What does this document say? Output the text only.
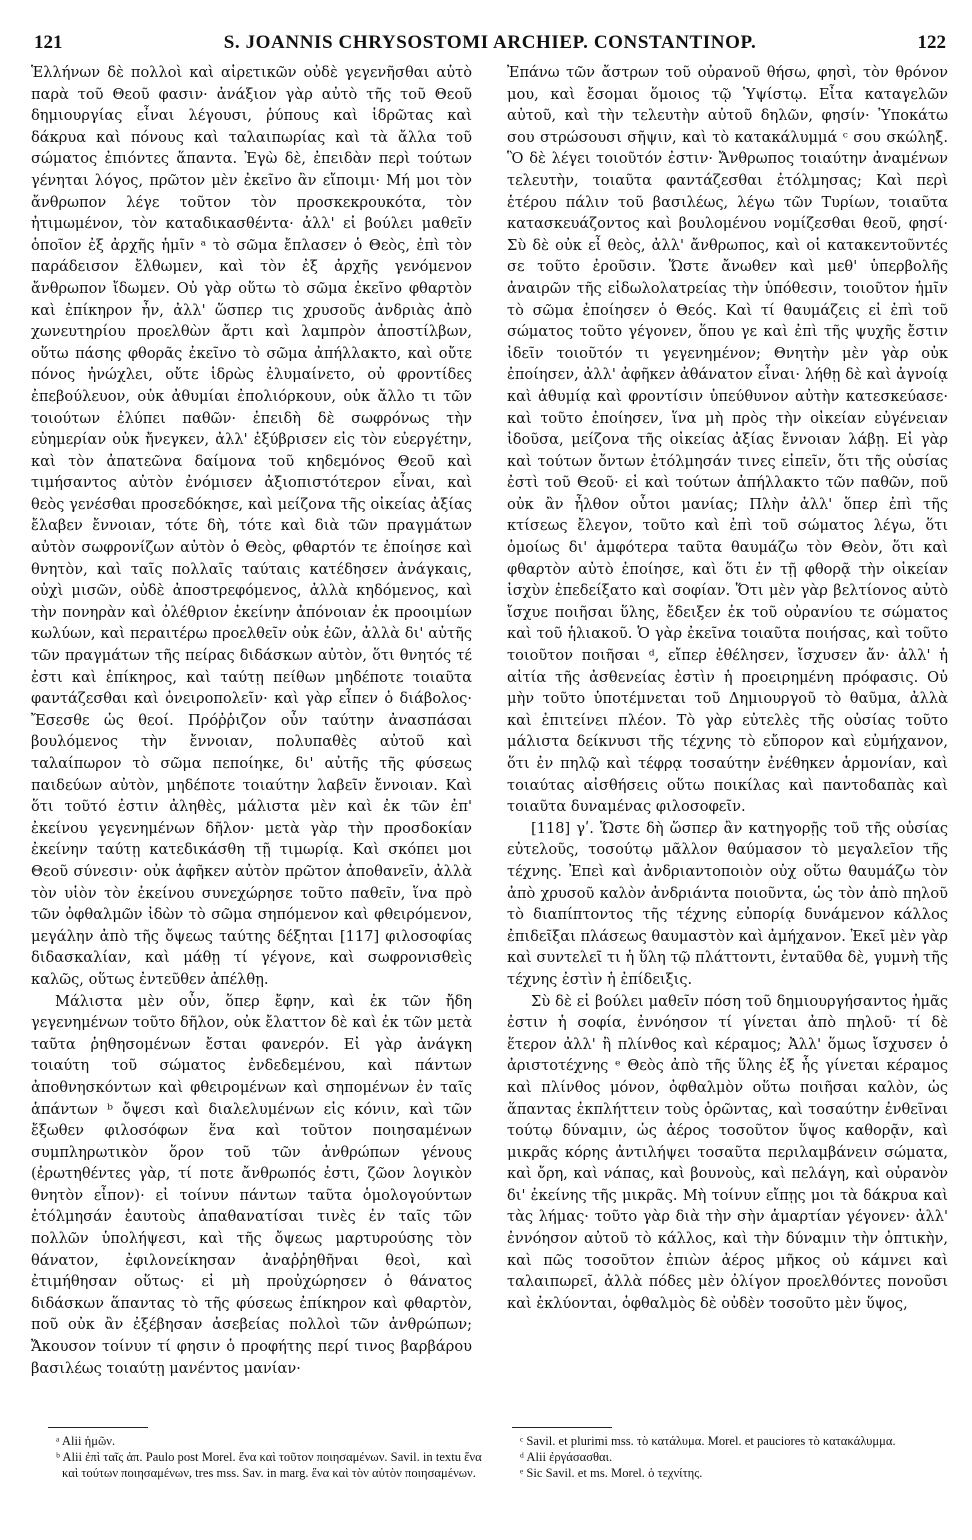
121	S. JOANNIS CHRYSOSTOMI ARCHIEP. CONSTANTINOP.	122

Ἑλλήνων δὲ πολλοὶ καὶ αἱρετικῶν οὐδὲ γεγενῆσθαι αὐτὸ παρὰ τοῦ Θεοῦ φασιν· ἀνάξιον γὰρ αὐτὸ τῆς τοῦ Θεοῦ δημιουργίας εἶναι λέγουσι, ῥύπους καὶ ἱδρῶτας καὶ δάκρυα καὶ πόνους καὶ ταλαιπωρίας καὶ τὰ ἄλλα τοῦ σώματος ἐπιόντες ἅπαντα. Ἐγὼ δὲ, ἐπειδὰν περὶ τούτων γένηται λόγος, πρῶτον μὲν ἐκεῖνο ἂν εἴποιμι· Μή μοι τὸν ἄνθρωπον λέγε τοῦτον τὸν προσκεκρουκότα, τὸν ἠτιμωμένον, τὸν καταδικασθέντα· ἀλλ' εἰ βούλει μαθεῖν ὁποῖον ἐξ ἀρχῆς ἡμῖν ᵃ τὸ σῶμα ἔπλασεν ὁ Θεὸς, ἐπὶ τὸν παράδεισον ἔλθωμεν, καὶ τὸν ἐξ ἀρχῆς γενόμενον ἄνθρωπον ἴδωμεν. Οὐ γὰρ οὕτω τὸ σῶμα ἐκεῖνο φθαρτὸν καὶ ἐπίκηρον ἦν, ἀλλ' ὥσπερ τις χρυσοῦς ἀνδριὰς ἀπὸ χωνευτηρίου προελθὼν ἄρτι καὶ λαμπρὸν ἀποστίλβων, οὕτω πάσης φθορᾶς ἐκεῖνο τὸ σῶμα ἀπήλλακτο, καὶ οὔτε πόνος ἠνώχλει, οὔτε ἱδρὼς ἐλυμαίνετο, οὐ φροντίδες ἐπεβούλευον, οὐκ ἀθυμίαι ἐπολιόρκουν, οὐκ ἄλλο τι τῶν τοιούτων ἐλύπει παθῶν· ἐπειδὴ δὲ σωφρόνως τὴν εὐημερίαν οὐκ ἤνεγκεν, ἀλλ' ἐξύβρισεν εἰς τὸν εὐεργέτην, καὶ τὸν ἀπατεῶνα δαίμονα τοῦ κηδεμόνος Θεοῦ καὶ τιμήσαντος αὐτὸν ἐνόμισεν ἀξιοπιστότερον εἶναι, καὶ θεὸς γενέσθαι προσεδόκησε, καὶ μείζονα τῆς οἰκείας ἀξίας ἔλαβεν ἔννοιαν, τότε δὴ, τότε καὶ διὰ τῶν πραγμάτων αὐτὸν σωφρονίζων αὐτὸν ὁ Θεὸς, φθαρτόν τε ἐποίησε καὶ θνητὸν, καὶ ταῖς πολλαῖς ταύταις κατέδησεν ἀνάγκαις, οὐχὶ μισῶν, οὐδὲ ἀποστρεφόμενος, ἀλλὰ κηδόμενος, καὶ τὴν πονηρὰν καὶ ὀλέθριον ἐκείνην ἀπόνοιαν ἐκ προοιμίων κωλύων, καὶ περαιτέρω προελθεῖν οὐκ ἐῶν, ἀλλὰ δι' αὐτῆς τῶν πραγμάτων τῆς πείρας διδάσκων αὐτὸν, ὅτι θνητός τέ ἐστι καὶ ἐπίκηρος, καὶ ταύτῃ πείθων μηδέποτε τοιαῦτα φαντάζεσθαι καὶ ὀνειροπολεῖν· καὶ γὰρ εἶπεν ὁ διάβολος· Ἔσεσθε ὡς θεοί. Πρόῤῥιζον οὖν ταύτην ἀνασπάσαι βουλόμενος τὴν ἔννοιαν, πολυπαθὲς αὐτοῦ καὶ ταλαίπωρον τὸ σῶμα πεποίηκε, δι' αὐτῆς τῆς φύσεως παιδεύων αὐτὸν, μηδέποτε τοιαύτην λαβεῖν ἔννοιαν. Καὶ ὅτι τοῦτό ἐστιν ἀληθὲς, μάλιστα μὲν καὶ ἐκ τῶν ἐπ' ἐκείνου γεγενημένων δῆλον· μετὰ γὰρ τὴν προσδοκίαν ἐκείνην ταύτῃ κατεδικάσθη τῇ τιμωρίᾳ. Καὶ σκόπει μοι Θεοῦ σύνεσιν· οὐκ ἀφῆκεν αὐτὸν πρῶτον ἀποθανεῖν, ἀλλὰ τὸν υἱὸν τὸν ἐκείνου συνεχώρησε τοῦτο παθεῖν, ἵνα πρὸ τῶν ὀφθαλμῶν ἰδὼν τὸ σῶμα σηπόμενον καὶ φθειρόμενον, μεγάλην ἀπὸ τῆς ὄψεως ταύτης δέξηται [117] φιλοσοφίας διδασκαλίαν, καὶ μάθῃ τί γέγονε, καὶ σωφρονισθεὶς καλῶς, οὕτως ἐντεῦθεν ἀπέλθῃ.

Μάλιστα μὲν οὖν, ὅπερ ἔφην, καὶ ἐκ τῶν ἤδη γεγενημένων τοῦτο δῆλον, οὐκ ἔλαττον δὲ καὶ ἐκ τῶν μετὰ ταῦτα ῥηθησομένων ἔσται φανερόν. Εἰ γὰρ ἀνάγκη τοιαύτη τοῦ σώματος ἐνδεδεμένου, καὶ πάντων ἀποθνησκόντων καὶ φθειρομένων καὶ σηπομένων ἐν ταῖς ἁπάντων ᵇ ὄψεσι καὶ διαλελυμένων εἰς κόνιν, καὶ τῶν ἔξωθεν φιλοσόφων ἕνα καὶ τοῦτον ποιησαμένων συμπληρωτικὸν ὅρον τοῦ τῶν ἀνθρώπων γένους (ἐρωτηθέντες γὰρ, τί ποτε ἄνθρωπός ἐστι, ζῶον λογικὸν θνητὸν εἶπον)· εἰ τοίνυν πάντων ταῦτα ὁμολογούντων ἐτόλμησάν ἑαυτοὺς ἀπαθανατίσαι τινὲς ἐν ταῖς τῶν πολλῶν ὑπολήψεσι, καὶ τῆς ὄψεως μαρτυρούσης τὸν θάνατον, ἐφιλονείκησαν ἀναῤῥηθῆναι θεοὶ, καὶ ἐτιμήθησαν οὕτως· εἰ μὴ προὐχώρησεν ὁ θάνατος διδάσκων ἅπαντας τὸ τῆς φύσεως ἐπίκηρον καὶ φθαρτὸν, ποῦ οὐκ ἂν ἐξέβησαν ἀσεβείας πολλοὶ τῶν ἀνθρώπων; Ἄκουσον τοίνυν τί φησιν ὁ προφήτης περί τινος βαρβάρου βασιλέως τοιαύτῃ μανέντος μανίαν·

Ἐπάνω τῶν ἄστρων τοῦ οὐρανοῦ θήσω, φησὶ, τὸν θρόνον μου, καὶ ἔσομαι ὅμοιος τῷ Ὑψίστῳ. Εἶτα καταγελῶν αὐτοῦ, καὶ τὴν τελευτὴν αὐτοῦ δηλῶν, φησίν· Ὑποκάτω σου στρώσουσι σῆψιν, καὶ τὸ κατακάλυμμά ᶜ σου σκώληξ. Ὃ δὲ λέγει τοιοῦτόν ἐστιν· Ἄνθρωπος τοιαύτην ἀναμένων τελευτὴν, τοιαῦτα φαντάζεσθαι ἐτόλμησας; Καὶ περὶ ἑτέρου πάλιν τοῦ βασιλέως, λέγω τῶν Τυρίων, τοιαῦτα κατασκευάζοντος καὶ βουλομένου νομίζεσθαι θεοῦ, φησί· Σὺ δὲ οὐκ εἶ θεὸς, ἀλλ' ἄνθρωπος, καὶ οἱ κατακεντοῦντές σε τοῦτο ἐροῦσιν. Ὥστε ἄνωθεν καὶ μεθ' ὑπερβολῆς ἀναιρῶν τῆς εἰδωλολατρείας τὴν ὑπόθεσιν, τοιοῦτον ἡμῖν τὸ σῶμα ἐποίησεν ὁ Θεός. Καὶ τί θαυμάζεις εἰ ἐπὶ τοῦ σώματος τοῦτο γέγονεν, ὅπου γε καὶ ἐπὶ τῆς ψυχῆς ἔστιν ἰδεῖν τοιοῦτόν τι γεγενημένον; Θνητὴν μὲν γὰρ οὐκ ἐποίησεν, ἀλλ' ἀφῆκεν ἀθάνατον εἶναι· λήθῃ δὲ καὶ ἀγνοίᾳ καὶ ἀθυμίᾳ καὶ φροντίσιν ὑπεύθυνον αὐτὴν κατεσκεύασε· καὶ τοῦτο ἐποίησεν, ἵνα μὴ πρὸς τὴν οἰκείαν εὐγένειαν ἰδοῦσα, μείζονα τῆς οἰκείας ἀξίας ἔννοιαν λάβῃ. Εἰ γὰρ καὶ τούτων ὄντων ἐτόλμησάν τινες εἰπεῖν, ὅτι τῆς οὐσίας ἐστὶ τοῦ Θεοῦ· εἰ καὶ τούτων ἀπήλλακτο τῶν παθῶν, ποῦ οὐκ ἂν ἦλθον οὗτοι μανίας; Πλὴν ἀλλ' ὅπερ ἐπὶ τῆς κτίσεως ἔλεγον, τοῦτο καὶ ἐπὶ τοῦ σώματος λέγω, ὅτι ὁμοίως δι' ἀμφότερα ταῦτα θαυμάζω τὸν Θεὸν, ὅτι καὶ φθαρτὸν αὐτὸ ἐποίησε, καὶ ὅτι ἐν τῇ φθορᾷ τὴν οἰκείαν ἰσχὺν ἐπεδείξατο καὶ σοφίαν. Ὅτι μὲν γὰρ βελτίονος αὐτὸ ἴσχυε ποιῆσαι ὕλης, ἔδειξεν ἐκ τοῦ οὐρανίου τε σώματος καὶ τοῦ ἡλιακοῦ. Ὁ γὰρ ἐκεῖνα τοιαῦτα ποιήσας, καὶ τοῦτο τοιοῦτον ποιῆσαι ᵈ, εἴπερ ἐθέλησεν, ἴσχυσεν ἄν· ἀλλ' ἡ αἰτία τῆς ἀσθενείας ἐστὶν ἡ προειρημένη πρόφασις. Οὐ μὴν τοῦτο ὑποτέμνεται τοῦ Δημιουργοῦ τὸ θαῦμα, ἀλλὰ καὶ ἐπιτείνει πλέον. Τὸ γὰρ εὐτελὲς τῆς οὐσίας τοῦτο μάλιστα δείκνυσι τῆς τέχνης τὸ εὔπορον καὶ εὐμήχανον, ὅτι ἐν πηλῷ καὶ τέφρᾳ τοσαύτην ἐνέθηκεν ἁρμονίαν, καὶ τοιαύτας αἰσθήσεις οὕτω ποικίλας καὶ παντοδαπὰς καὶ τοιαῦτα δυναμένας φιλοσοφεῖν.

[118] γʹ. Ὥστε δὴ ὥσπερ ἂν κατηγορῇς τοῦ τῆς οὐσίας εὐτελοῦς, τοσούτῳ μᾶλλον θαύμασον τὸ μεγαλεῖον τῆς τέχνης. Ἐπεὶ καὶ ἀνδριαντοποιὸν οὐχ οὕτω θαυμάζω τὸν ἀπὸ χρυσοῦ καλὸν ἀνδριάντα ποιοῦντα, ὡς τὸν ἀπὸ πηλοῦ τὸ διαπίπτοντος τῆς τέχνης εὐπορίᾳ δυνάμενον κάλλος ἐπιδεῖξαι πλάσεως θαυμαστὸν καὶ ἀμήχανον. Ἐκεῖ μὲν γὰρ καὶ συντελεῖ τι ἡ ὕλη τῷ πλάττοντι, ἐνταῦθα δὲ, γυμνὴ τῆς τέχνης ἐστὶν ἡ ἐπίδειξις.

Σὺ δὲ εἰ βούλει μαθεῖν πόση τοῦ δημιουργήσαντος ἡμᾶς ἐστιν ἡ σοφία, ἐννόησον τί γίνεται ἀπὸ πηλοῦ· τί δὲ ἕτερον ἀλλ' ἢ πλίνθος καὶ κέραμος; Ἀλλ' ὅμως ἴσχυσεν ὁ ἀριστοτέχνης ᵉ Θεὸς ἀπὸ τῆς ὕλης ἐξ ἧς γίνεται κέραμος καὶ πλίνθος μόνον, ὀφθαλμὸν οὕτω ποιῆσαι καλὸν, ὡς ἅπαντας ἐκπλήττειν τοὺς ὁρῶντας, καὶ τοσαύτην ἐνθεῖναι τούτῳ δύναμιν, ὡς ἀέρος τοσοῦτον ὕψος καθορᾷν, καὶ μικρᾶς κόρης ἀντιλήψει τοσαῦτα περιλαμβάνειν σώματα, καὶ ὄρη, καὶ νάπας, καὶ βουνοὺς, καὶ πελάγη, καὶ οὐρανὸν δι' ἐκείνης τῆς μικρᾶς. Μὴ τοίνυν εἴπῃς μοι τὰ δάκρυα καὶ τὰς λήμας· τοῦτο γὰρ διὰ τὴν σὴν ἁμαρτίαν γέγονεν· ἀλλ' ἐννόησον αὐτοῦ τὸ κάλλος, καὶ τὴν δύναμιν τὴν ὀπτικὴν, καὶ πῶς τοσοῦτον ἐπιὼν ἀέρος μῆκος οὐ κάμνει καὶ ταλαιπωρεῖ, ἀλλὰ πόδες μὲν ὀλίγον προελθόντες πονοῦσι καὶ ἐκλύονται, ὀφθαλμὸς δὲ οὐδὲν τοσοῦτο μὲν ὕψος,

ᵃ Alii ἡμῶν.

ᵇ Alii ἐπὶ ταῖς ἀπ. Paulo post Morel. ἕνα καὶ τοῦτον ποιησαμένων. Savil. in textu ἕνα καὶ τούτων ποιησαμένων, tres mss. Sav. in marg. ἕνα καὶ τὸν αὐτὸν ποιησαμένων.

ᶜ Savil. et plurimi mss. τὸ κατάλυμα. Morel. et pauciores τὸ κατακάλυμμα.

ᵈ Alii ἐργάσασθαι.

ᵉ Sic Savil. et ms. Morel. ὁ τεχνίτης.
